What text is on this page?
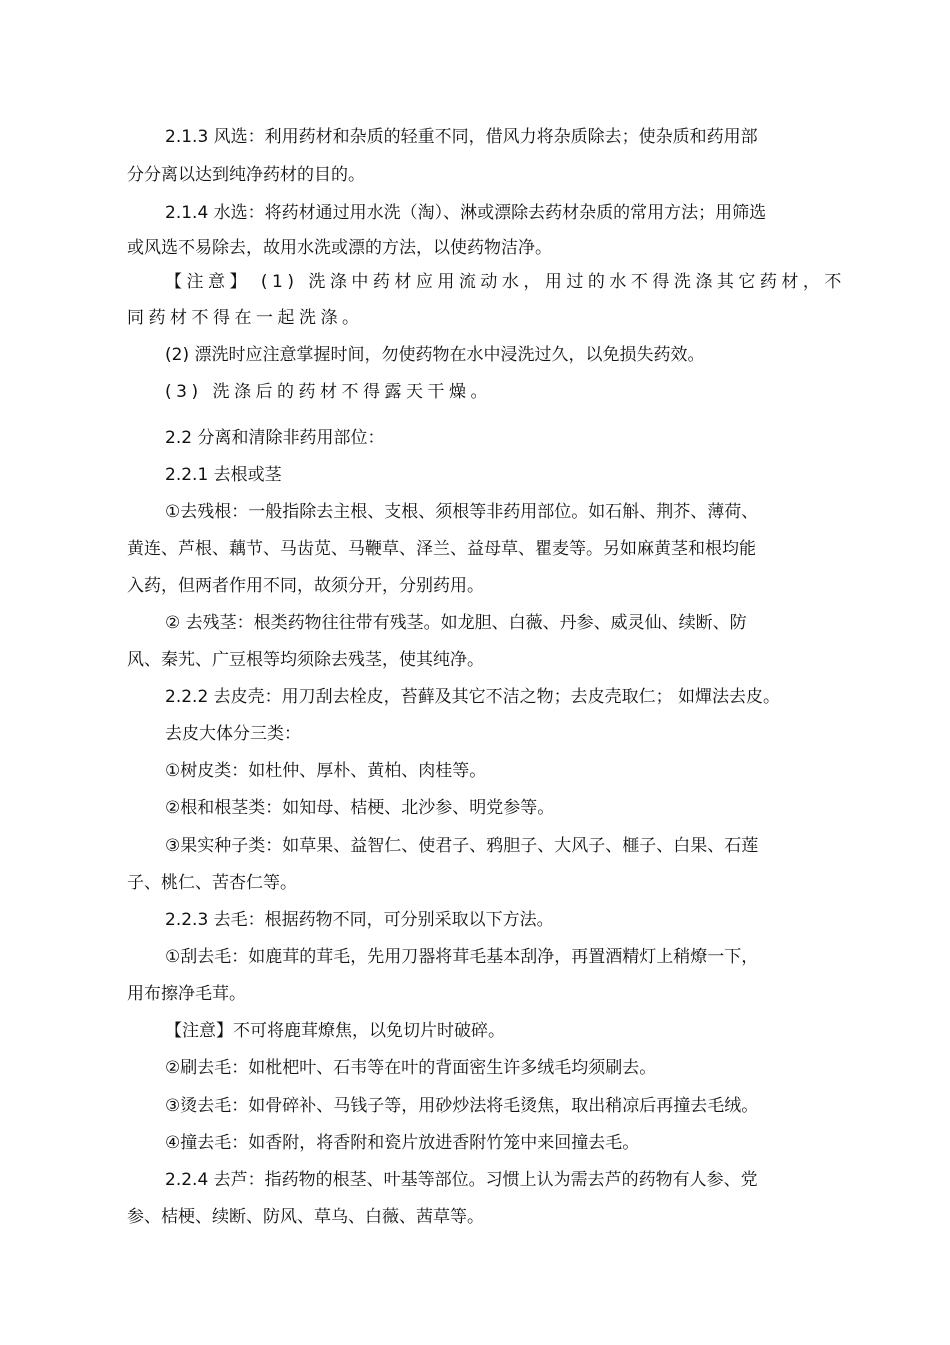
2.1.3 风选：利用药材和杂质的轻重不同，借风力将杂质除去；使杂质和药用部
分分离以达到纯净药材的目的。
2.1.4 水选：将药材通过用水洗（淘）、淋或漂除去药材杂质的常用方法；用筛选
或风选不易除去，故用水洗或漂的方法，以使药物洁净。
【注意】 (1) 洗涤中药材应用流动水，用过的水不得洗涤其它药材，不
同药材不得在一起洗涤。
(2) 漂洗时应注意掌握时间，勿使药物在水中浸洗过久，以免损失药效。
(3) 洗涤后的药材不得露天干燥。
2.2 分离和清除非药用部位：
2.2.1 去根或茎
①去残根：一般指除去主根、支根、须根等非药用部位。如石斛、荆芥、薄荷、
黄连、芦根、藕节、马齿苋、马鞭草、泽兰、益母草、瞿麦等。另如麻黄茎和根均能
入药，但两者作用不同，故须分开，分别药用。
② 去残茎：根类药物往往带有残茎。如龙胆、白薇、丹参、威灵仙、续断、防
风、秦艽、广豆根等均须除去残茎，使其纯净。
2.2.2 去皮壳：用刀刮去栓皮，苔藓及其它不洁之物；去皮壳取仁； 如燀法去皮。
去皮大体分三类：
①树皮类：如杜仲、厚朴、黄柏、肉桂等。
②根和根茎类：如知母、桔梗、北沙参、明党参等。
③果实种子类：如草果、益智仁、使君子、鸦胆子、大风子、榧子、白果、石莲
子、桃仁、苦杏仁等。
2.2.3 去毛：根据药物不同，可分别采取以下方法。
①刮去毛：如鹿茸的茸毛，先用刀器将茸毛基本刮净，再置酒精灯上稍燎一下，
用布擦净毛茸。
【注意】不可将鹿茸燎焦，以免切片时破碎。
②刷去毛：如枇杷叶、石韦等在叶的背面密生许多绒毛均须刷去。
③烫去毛：如骨碎补、马钱子等，用砂炒法将毛烫焦，取出稍凉后再撞去毛绒。
④撞去毛：如香附，将香附和瓷片放进香附竹笼中来回撞去毛。
2.2.4 去芦：指药物的根茎、叶基等部位。习惯上认为需去芦的药物有人参、党
参、桔梗、续断、防风、草乌、白薇、茜草等。
